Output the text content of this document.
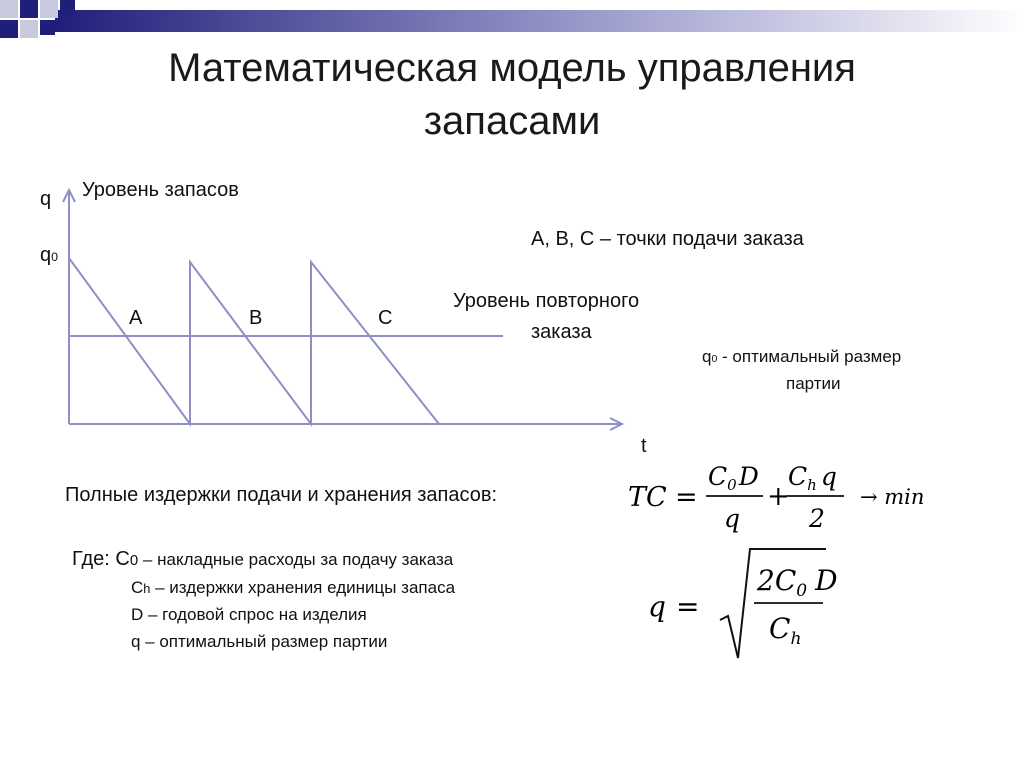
Математическая модель управления
запасами
q Уровень запасов
q0
t
A	B	C
A, B, C – точки подачи заказа
Уровень повторного
заказа
q0 - оптимальный размер
партии
Полные издержки подачи и хранения запасов:	TC =
$C_0D$
q
+
$C_h$ q
2
→ min
Где: С0 – накладные расходы за подачу заказа
Ch – издержки хранения единицы запаса
D – годовой спрос на изделия
q – оптимальный размер партии
q =
$2C_0$ D
$C_h$
